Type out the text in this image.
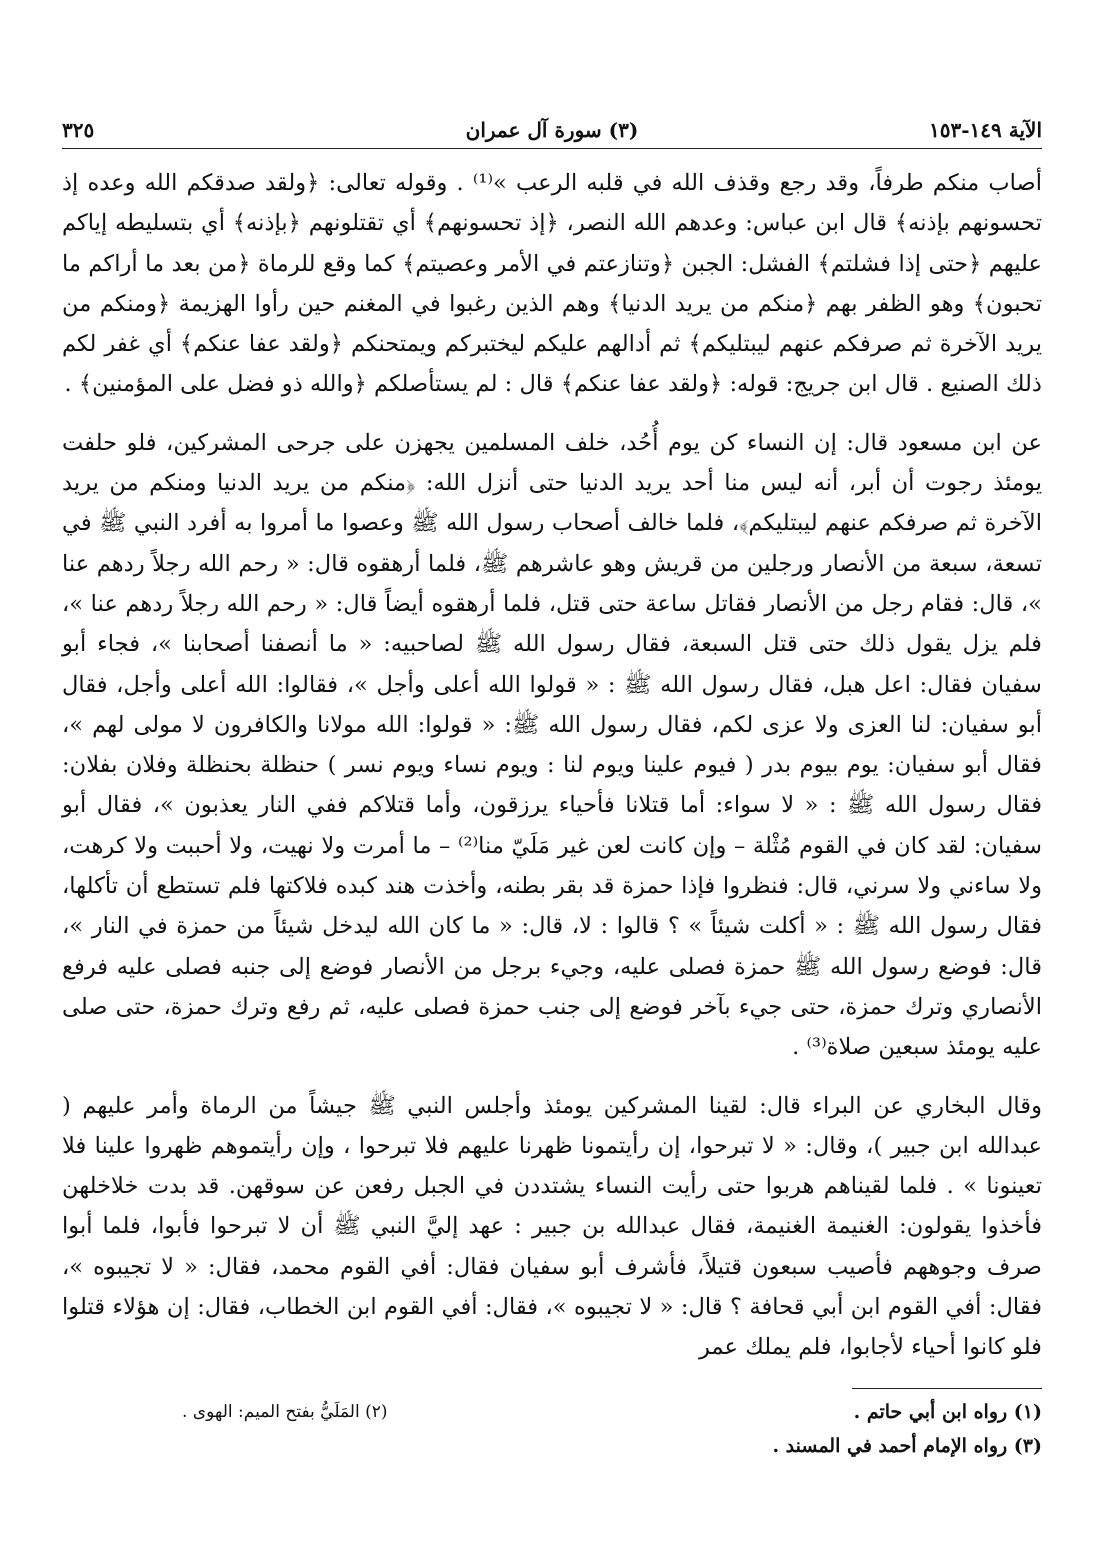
الآية ١٤٩-١٥٣
(٣) سورة آل عمران
٣٢٥

أصاب منكم طرفاً، وقد رجع وقذف الله في قلبه الرعب »⁽¹⁾ . وقوله تعالى: ﴿ولقد صدقكم الله وعده إذ تحسونهم بإذنه﴾ قال ابن عباس: وعدهم الله النصر، ﴿إذ تحسونهم﴾ أي تقتلونهم ﴿بإذنه﴾ أي بتسليطه إياكم عليهم ﴿حتى إذا فشلتم﴾ الفشل: الجبن ﴿وتنازعتم في الأمر وعصيتم﴾ كما وقع للرماة ﴿من بعد ما أراكم ما تحبون﴾ وهو الظفر بهم ﴿منكم من يريد الدنيا﴾ وهم الذين رغبوا في المغنم حين رأوا الهزيمة ﴿ومنكم من يريد الآخرة ثم صرفكم عنهم ليبتليكم﴾ ثم أدالهم عليكم ليختبركم ويمتحنكم ﴿ولقد عفا عنكم﴾ أي غفر لكم ذلك الصنيع . قال ابن جريج: قوله: ﴿ولقد عفا عنكم﴾ قال : لم يستأصلكم ﴿والله ذو فضل على المؤمنين﴾ .

عن ابن مسعود قال: إن النساء كن يوم أُحُد، خلف المسلمين يجهزن على جرحى المشركين، فلو حلفت يومئذ رجوت أن أبر، أنه ليس منا أحد يريد الدنيا حتى أنزل الله: ﴿منكم من يريد الدنيا ومنكم من يريد الآخرة ثم صرفكم عنهم ليبتليكم﴾، فلما خالف أصحاب رسول الله ﷺ وعصوا ما أمروا به أفرد النبي ﷺ في تسعة، سبعة من الأنصار ورجلين من قريش وهو عاشرهم ﷺ، فلما أرهقوه قال: « رحم الله رجلاً ردهم عنا »، قال: فقام رجل من الأنصار فقاتل ساعة حتى قتل، فلما أرهقوه أيضاً قال: « رحم الله رجلاً ردهم عنا »، فلم يزل يقول ذلك حتى قتل السبعة، فقال رسول الله ﷺ لصاحبيه: « ما أنصفنا أصحابنا »، فجاء أبو سفيان فقال: اعل هبل، فقال رسول الله ﷺ : « قولوا الله أعلى وأجل »، فقالوا: الله أعلى وأجل، فقال أبو سفيان: لنا العزى ولا عزى لكم، فقال رسول الله ﷺ: « قولوا: الله مولانا والكافرون لا مولى لهم »، فقال أبو سفيان: يوم بيوم بدر ( فيوم علينا ويوم لنا : ويوم نساء ويوم نسر ) حنظلة بحنظلة وفلان بفلان: فقال رسول الله ﷺ : « لا سواء: أما قتلانا فأحياء يرزقون، وأما قتلاكم ففي النار يعذبون »، فقال أبو سفيان: لقد كان في القوم مُثْلة – وإن كانت لعن غير مَلَيّ منا⁽²⁾ – ما أمرت ولا نهيت، ولا أحببت ولا كرهت، ولا ساءني ولا سرني، قال: فنظروا فإذا حمزة قد بقر بطنه، وأخذت هند كبده فلاكتها فلم تستطع أن تأكلها، فقال رسول الله ﷺ : « أكلت شيئاً » ؟ قالوا : لا، قال: « ما كان الله ليدخل شيئاً من حمزة في النار »، قال: فوضع رسول الله ﷺ حمزة فصلى عليه، وجيء برجل من الأنصار فوضع إلى جنبه فصلى عليه فرفع الأنصاري وترك حمزة، حتى جيء بآخر فوضع إلى جنب حمزة فصلى عليه، ثم رفع وترك حمزة، حتى صلى عليه يومئذ سبعين صلاة⁽³⁾ .

وقال البخاري عن البراء قال: لقينا المشركين يومئذ وأجلس النبي ﷺ جيشاً من الرماة وأمر عليهم ( عبدالله ابن جبير )، وقال: « لا تبرحوا، إن رأيتمونا ظهرنا عليهم فلا تبرحوا ، وإن رأيتموهم ظهروا علينا فلا تعينونا » . فلما لقيناهم هربوا حتى رأيت النساء يشتددن في الجبل رفعن عن سوقهن. قد بدت خلاخلهن فأخذوا يقولون: الغنيمة الغنيمة، فقال عبدالله بن جبير : عهد إليَّ النبي ﷺ أن لا تبرحوا فأبوا، فلما أبوا صرف وجوههم فأصيب سبعون قتيلاً، فأشرف أبو سفيان فقال: أفي القوم محمد، فقال: « لا تجيبوه »، فقال: أفي القوم ابن أبي قحافة ؟ قال: « لا تجيبوه »، فقال: أفي القوم ابن الخطاب، فقال: إن هؤلاء قتلوا فلو كانوا أحياء لأجابوا، فلم يملك عمر

(١) رواه ابن أبي حاتم .
(٢) المَلَيُّ بفتح الميم: الهوى .
(٣) رواه الإمام أحمد في المسند .
